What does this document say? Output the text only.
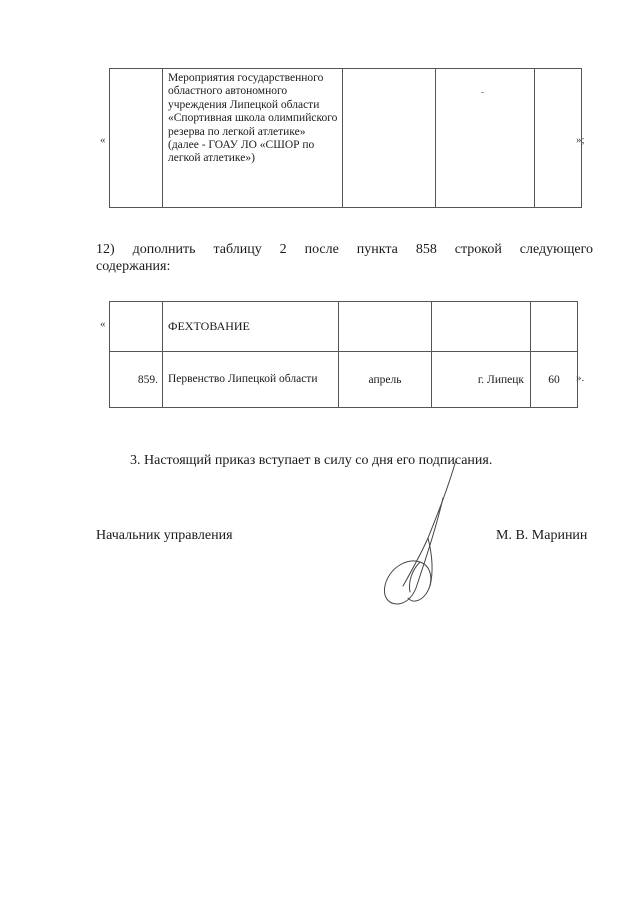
«
	Мероприятия государственного областного автономного учреждения Липецкой области «Спортивная школа олимпийского резерва по легкой атлетике» (далее - ГОАУ ЛО «СШОР по легкой атлетике»)			
»;
12) дополнить таблицу 2 после пункта 858 строкой следующего
содержания:
«
		ФЕХТОВАНИЕ			
859.	Первенство Липецкой области	апрель	г. Липецк	60 ».
3. Настоящий приказ вступает в силу со дня его подписания.
Начальник управления	М. В. Маринин
